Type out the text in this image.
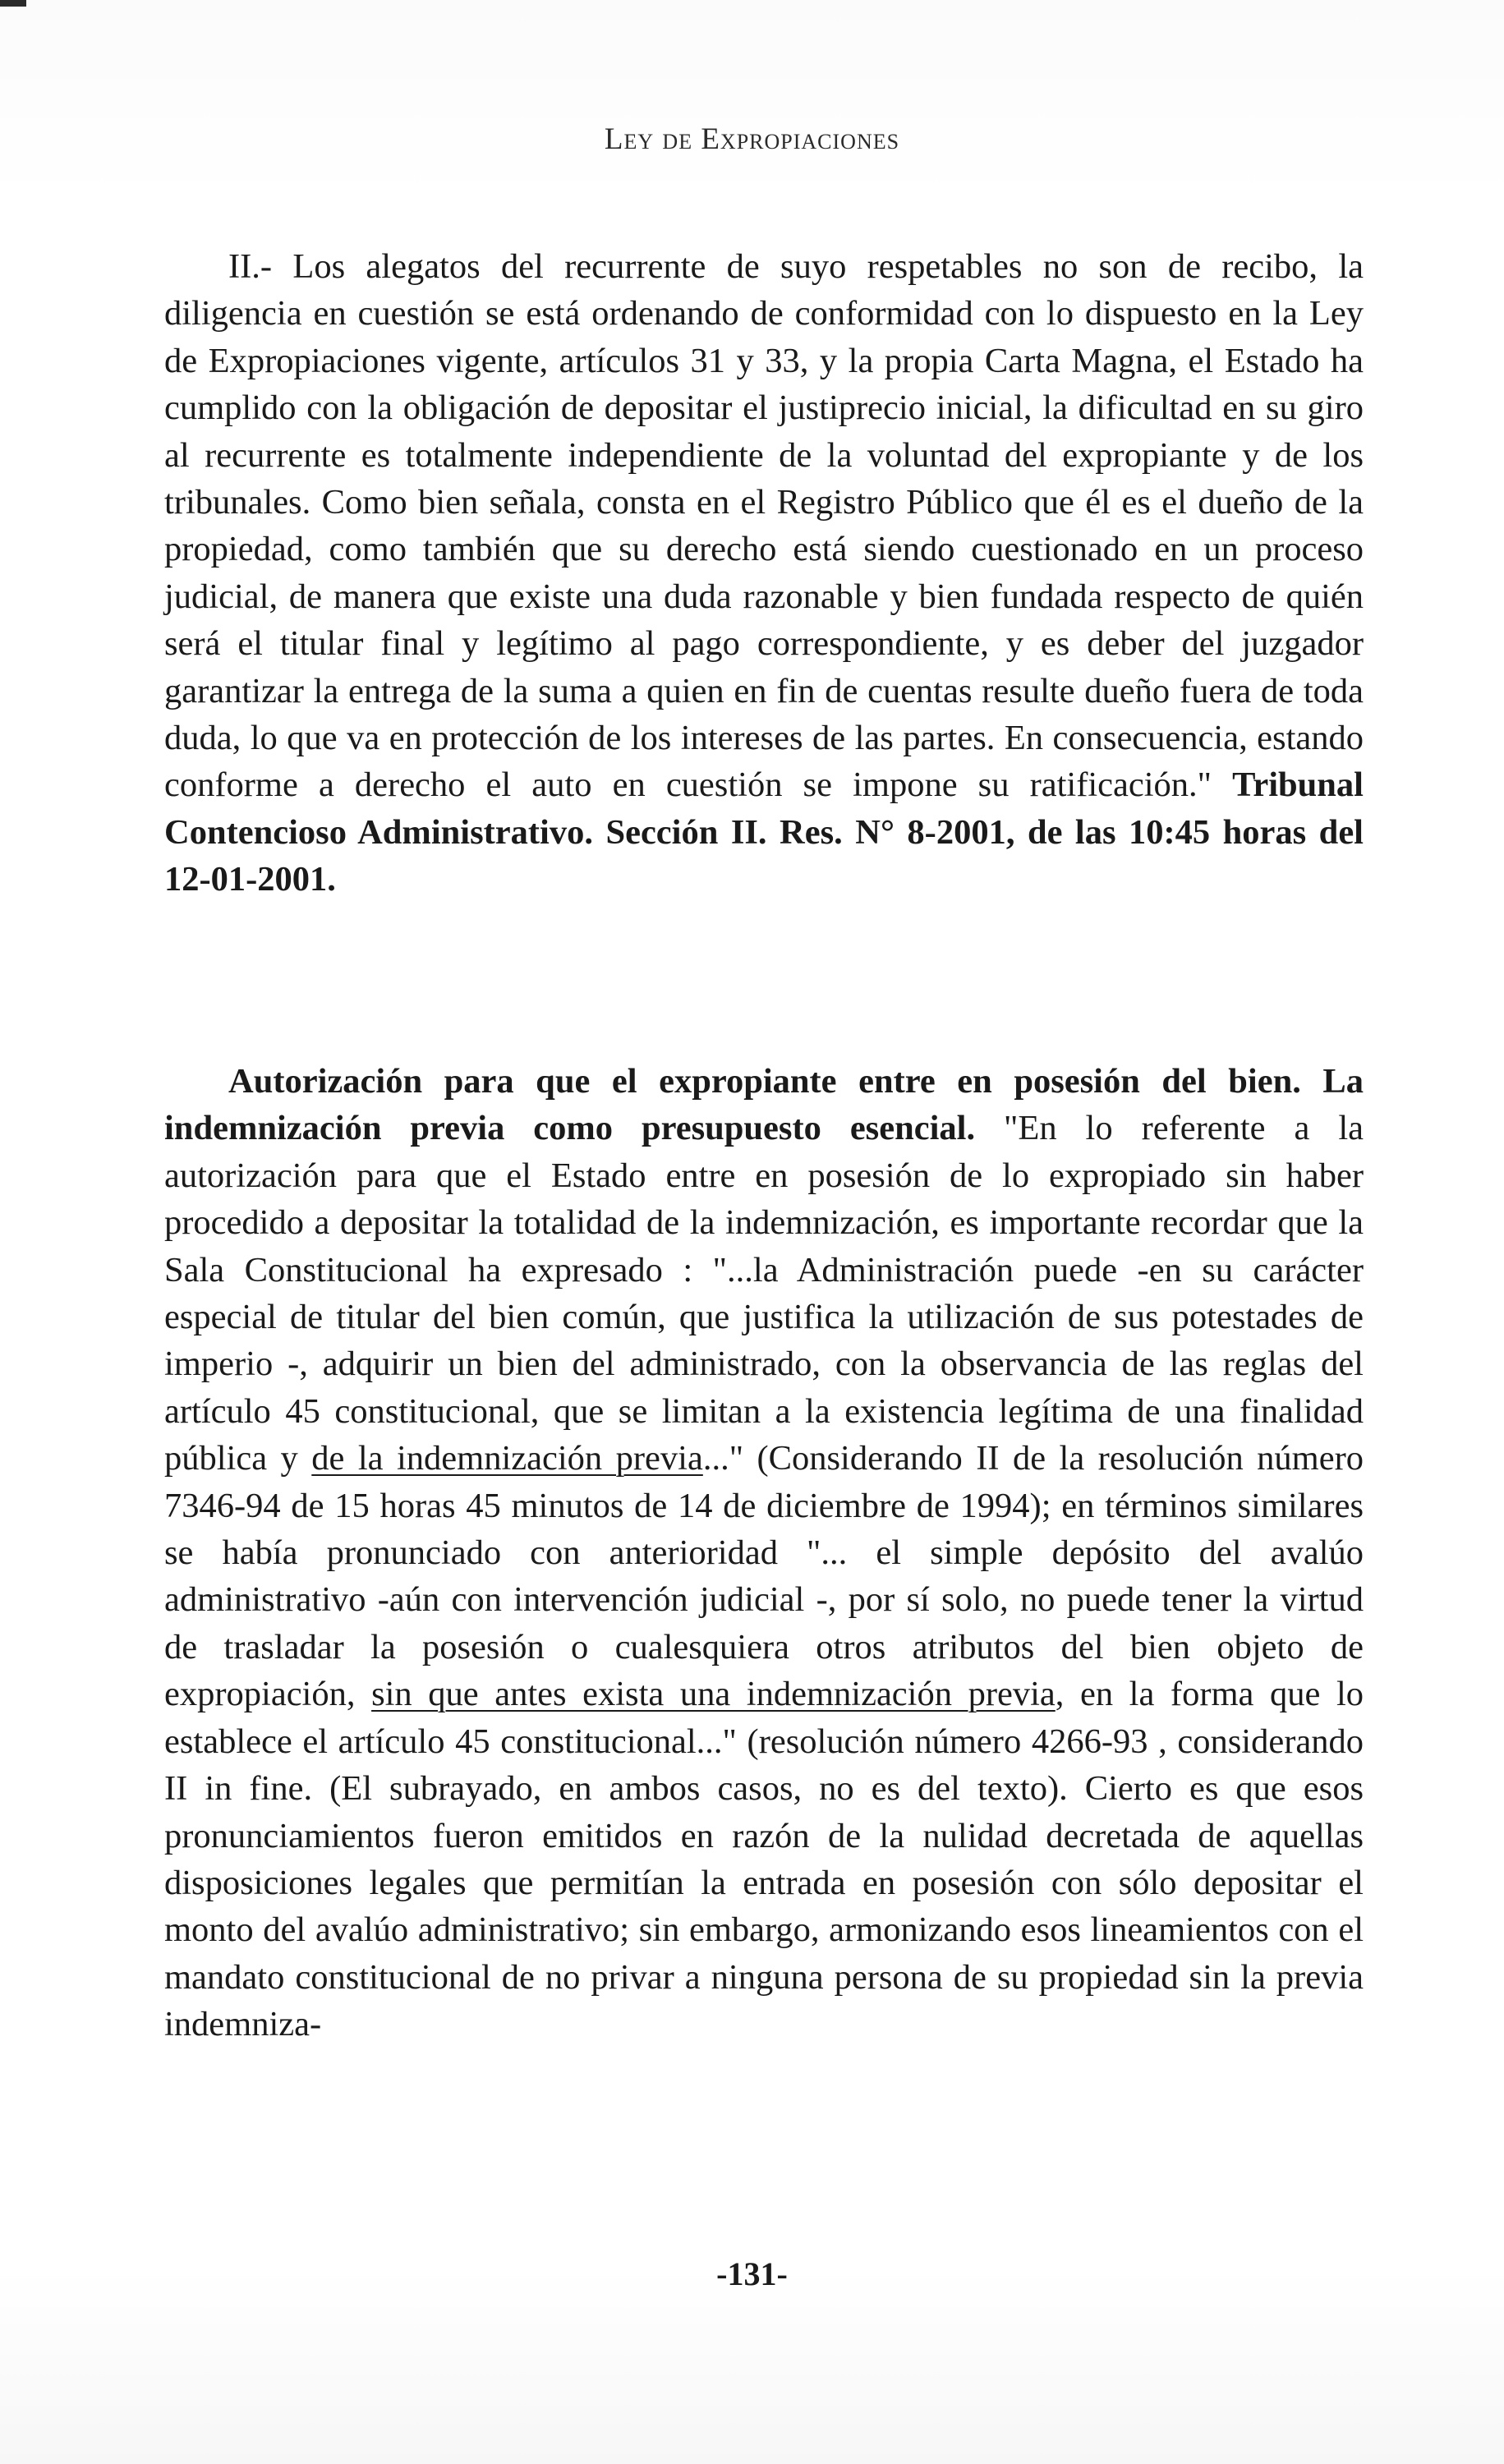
Ley de Expropiaciones
II.- Los alegatos del recurrente de suyo respetables no son de recibo, la diligencia en cuestión se está ordenando de conformidad con lo dispuesto en la Ley de Expropiaciones vigente, artículos 31 y 33, y la propia Carta Magna, el Estado ha cumplido con la obligación de depositar el justiprecio inicial, la dificultad en su giro al recurrente es totalmente independiente de la voluntad del expropiante y de los tribunales. Como bien señala, consta en el Registro Público que él es el dueño de la propiedad, como también que su derecho está siendo cuestionado en un proceso judicial, de manera que existe una duda razonable y bien fundada respecto de quién será el titular final y legítimo al pago correspondiente, y es deber del juzgador garantizar la entrega de la suma a quien en fin de cuentas resulte dueño fuera de toda duda, lo que va en protección de los intereses de las partes. En consecuencia, estando conforme a derecho el auto en cuestión se impone su ratificación." Tribunal Contencioso Administrativo. Sección II. Res. N° 8-2001, de las 10:45 horas del 12-01-2001.
Autorización para que el expropiante entre en posesión del bien. La indemnización previa como presupuesto esencial. "En lo referente a la autorización para que el Estado entre en posesión de lo expropiado sin haber procedido a depositar la totalidad de la indemnización, es importante recordar que la Sala Constitucional ha expresado : "...la Administración puede -en su carácter especial de titular del bien común, que justifica la utilización de sus potestades de imperio -, adquirir un bien del administrado, con la observancia de las reglas del artículo 45 constitucional, que se limitan a la existencia legítima de una finalidad pública y de la indemnización previa..." (Considerando II de la resolución número 7346-94 de 15 horas 45 minutos de 14 de diciembre de 1994); en términos similares se había pronunciado con anterioridad "... el simple depósito del avalúo administrativo -aún con intervención judicial -, por sí solo, no puede tener la virtud de trasladar la posesión o cualesquiera otros atributos del bien objeto de expropiación, sin que antes exista una indemnización previa, en la forma que lo establece el artículo 45 constitucional..." (resolución número 4266-93 , considerando II in fine. (El subrayado, en ambos casos, no es del texto). Cierto es que esos pronunciamientos fueron emitidos en razón de la nulidad decretada de aquellas disposiciones legales que permitían la entrada en posesión con sólo depositar el monto del avalúo administrativo; sin embargo, armonizando esos lineamientos con el mandato constitucional de no privar a ninguna persona de su propiedad sin la previa indemniza-
-131-
